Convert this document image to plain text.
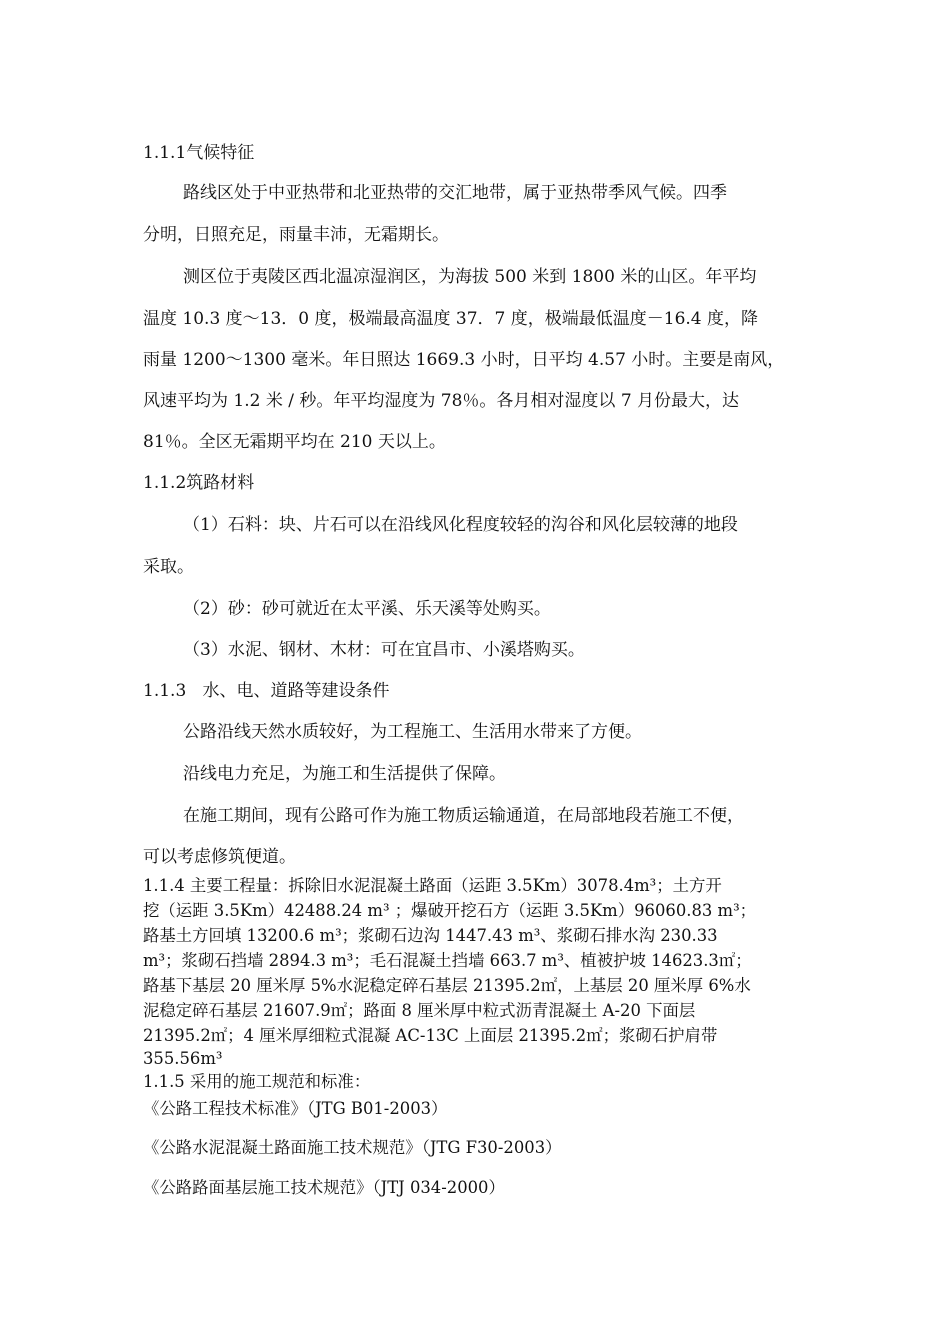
1.1.1气候特征
路线区处于中亚热带和北亚热带的交汇地带，属于亚热带季风气候。四季
分明，日照充足，雨量丰沛，无霜期长。
测区位于夷陵区西北温凉湿润区，为海拔 500 米到 1800 米的山区。年平均
温度 10.3 度～13．0 度，极端最高温度 37．7 度，极端最低温度－16.4 度，降
雨量 1200～1300 毫米。年日照达 1669.3 小时，日平均 4.57 小时。主要是南风，
风速平均为 1.2 米 / 秒。年平均湿度为 78％。各月相对湿度以 7 月份最大，达
81％。全区无霜期平均在 210 天以上。
1.1.2筑路材料
（1）石料：块、片石可以在沿线风化程度较轻的沟谷和风化层较薄的地段
采取。
（2）砂：砂可就近在太平溪、乐天溪等处购买。
（3）水泥、钢材、木材：可在宜昌市、小溪塔购买。
1.1.3   水、电、道路等建设条件
公路沿线天然水质较好，为工程施工、生活用水带来了方便。
沿线电力充足，为施工和生活提供了保障。
在施工期间，现有公路可作为施工物质运输通道，在局部地段若施工不便，
可以考虑修筑便道。
1.1.4 主要工程量：拆除旧水泥混凝土路面（运距 3.5Km）3078.4m³；土方开
挖（运距 3.5Km）42488.24 m³ ；爆破开挖石方（运距 3.5Km）96060.83 m³；
路基土方回填 13200.6 m³；浆砌石边沟 1447.43 m³、浆砌石排水沟 230.33
m³；浆砌石挡墙 2894.3 m³；毛石混凝土挡墙 663.7 m³、植被护坡 14623.3㎡；
路基下基层 20 厘米厚 5%水泥稳定碎石基层 21395.2㎡，上基层 20 厘米厚 6%水
泥稳定碎石基层 21607.9㎡；路面 8 厘米厚中粒式沥青混凝土 A-20 下面层
21395.2㎡；4 厘米厚细粒式混凝 AC-13C 上面层 21395.2㎡；浆砌石护肩带
355.56m³
1.1.5 采用的施工规范和标准：
《公路工程技术标准》（JTG B01-2003）
《公路水泥混凝土路面施工技术规范》（JTG F30-2003）
《公路路面基层施工技术规范》（JTJ 034-2000）
